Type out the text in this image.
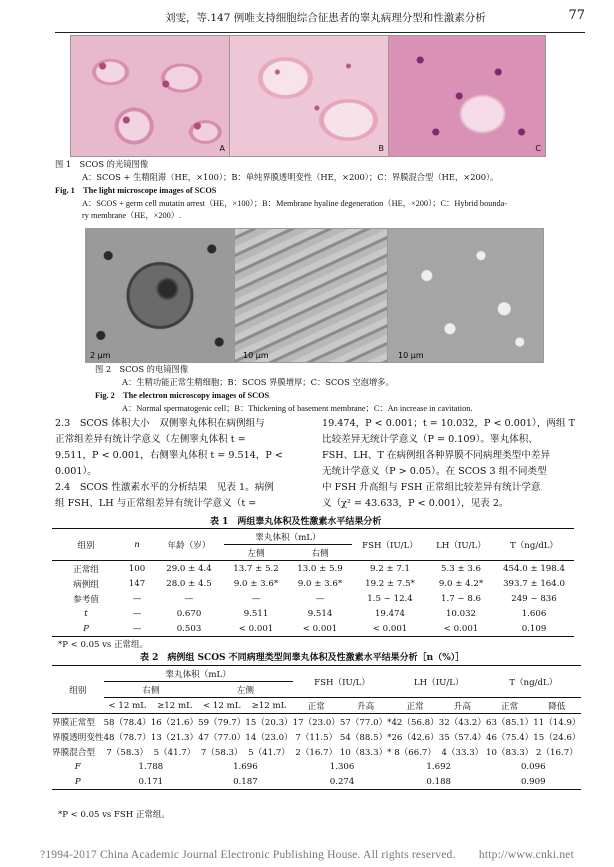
刘雯，等.147 例唯支持细胞综合征患者的睾丸病理分型和性激素分析	77
A	B	C
图 1　SCOS 的光镜图像
A：SCOS + 生精阻滞（HE，×100）；B：单纯界膜透明变性（HE，×200）；C：界膜混合型（HE，×200）。
Fig. 1　The light microscope images of SCOS
A：SCOS + germ cell mutatin arrest（HE，×100）；B：Membrane hyaline degeneration（HE，×200）；C：Hybrid bounda-
ry membrane（HE，×200）.
2 μm	10 μm	10 μm
图 2　SCOS 的电镜图像
A：生精功能正常生精细胞；B：SCOS 界膜增厚；C：SCOS 空泡增多。
Fig. 2　The electron microscopy images of SCOS
A：Normal spermatogenic cell；B：Thickening of basement membrane；C：An increase in cavitation.
2.3　SCOS 体积大小　双侧睾丸体积在病例组与
正常组差异有统计学意义（左侧睾丸体积 t =
9.511，P < 0.001，右侧睾丸体积 t = 9.514，P <
0.001）。
2.4　SCOS 性激素水平的分析结果　见表 1。病例
组 FSH、LH 与正常组差异有统计学意义（t =
19.474，P < 0.001；t = 10.032，P < 0.001），两组 T
比较差异无统计学意义（P = 0.109）。睾丸体积、
FSH、LH、T 在病例组各种界膜不同病理类型中差异
无统计学意义（P > 0.05）。在 SCOS 3 组不同类型
中 FSH 升高组与 FSH 正常组比较差异有统计学意
义（χ² = 43.633，P < 0.001），见表 2。
表 1　两组睾丸体积及性激素水平结果分析
组别	n	年龄（岁）	睾丸体积（mL）		FSH（IU/L）	LH（IU/L）	T（ng/dL）
			左侧	右侧			
正常组	100	29.0 ± 4.4	13.7 ± 5.2	13.0 ± 5.9	9.2 ± 7.1	5.3 ± 3.6	454.0 ± 198.4
病例组	147	28.0 ± 4.5	9.0 ± 3.6*	9.0 ± 3.6*	19.2 ± 7.5*	9.0 ± 4.2*	393.7 ± 164.0
参考值	—	—	—	—	1.5 ~ 12.4	1.7 ~ 8.6	249 ~ 836
t	—	0.670	9.511	9.514	19.474	10.032	1.606
P	—	0.503	< 0.001	< 0.001	< 0.001	< 0.001	0.109
*P < 0.05 vs 正常组。
表 2　病例组 SCOS 不同病理类型间睾丸体积及性激素水平结果分析［n（%）］
组别	睾丸体积（mL）				FSH（IU/L）		LH（IU/L）		T（ng/dL）	
	右侧		左侧							
	< 12 mL	≥12 mL	< 12 mL	≥12 mL	正常	升高	正常	升高	正常	降低
界膜正常型	58（78.4）	16（21.6）	59（79.7）	15（20.3）	17（23.0）	57（77.0）*	42（56.8）	32（43.2）	63（85.1）	11（14.9）
界膜透明变性	48（78.7）	13（21.3）	47（77.0）	14（23.0）	7（11.5）	54（88.5）*	26（42.6）	35（57.4）	46（75.4）	15（24.6）
界膜混合型	7（58.3）	5（41.7）	7（58.3）	5（41.7）	2（16.7）	10（83.3）*	8（66.7）	4（33.3）	10（83.3）	2（16.7）
F	1.788		1.696		1.306		1.692		0.096	
P	0.171		0.187		0.274		0.188		0.909	
*P < 0.05 vs FSH 正常组。
?1994-2017 China Academic Journal Electronic Publishing House. All rights reserved.　　http://www.cnki.net
